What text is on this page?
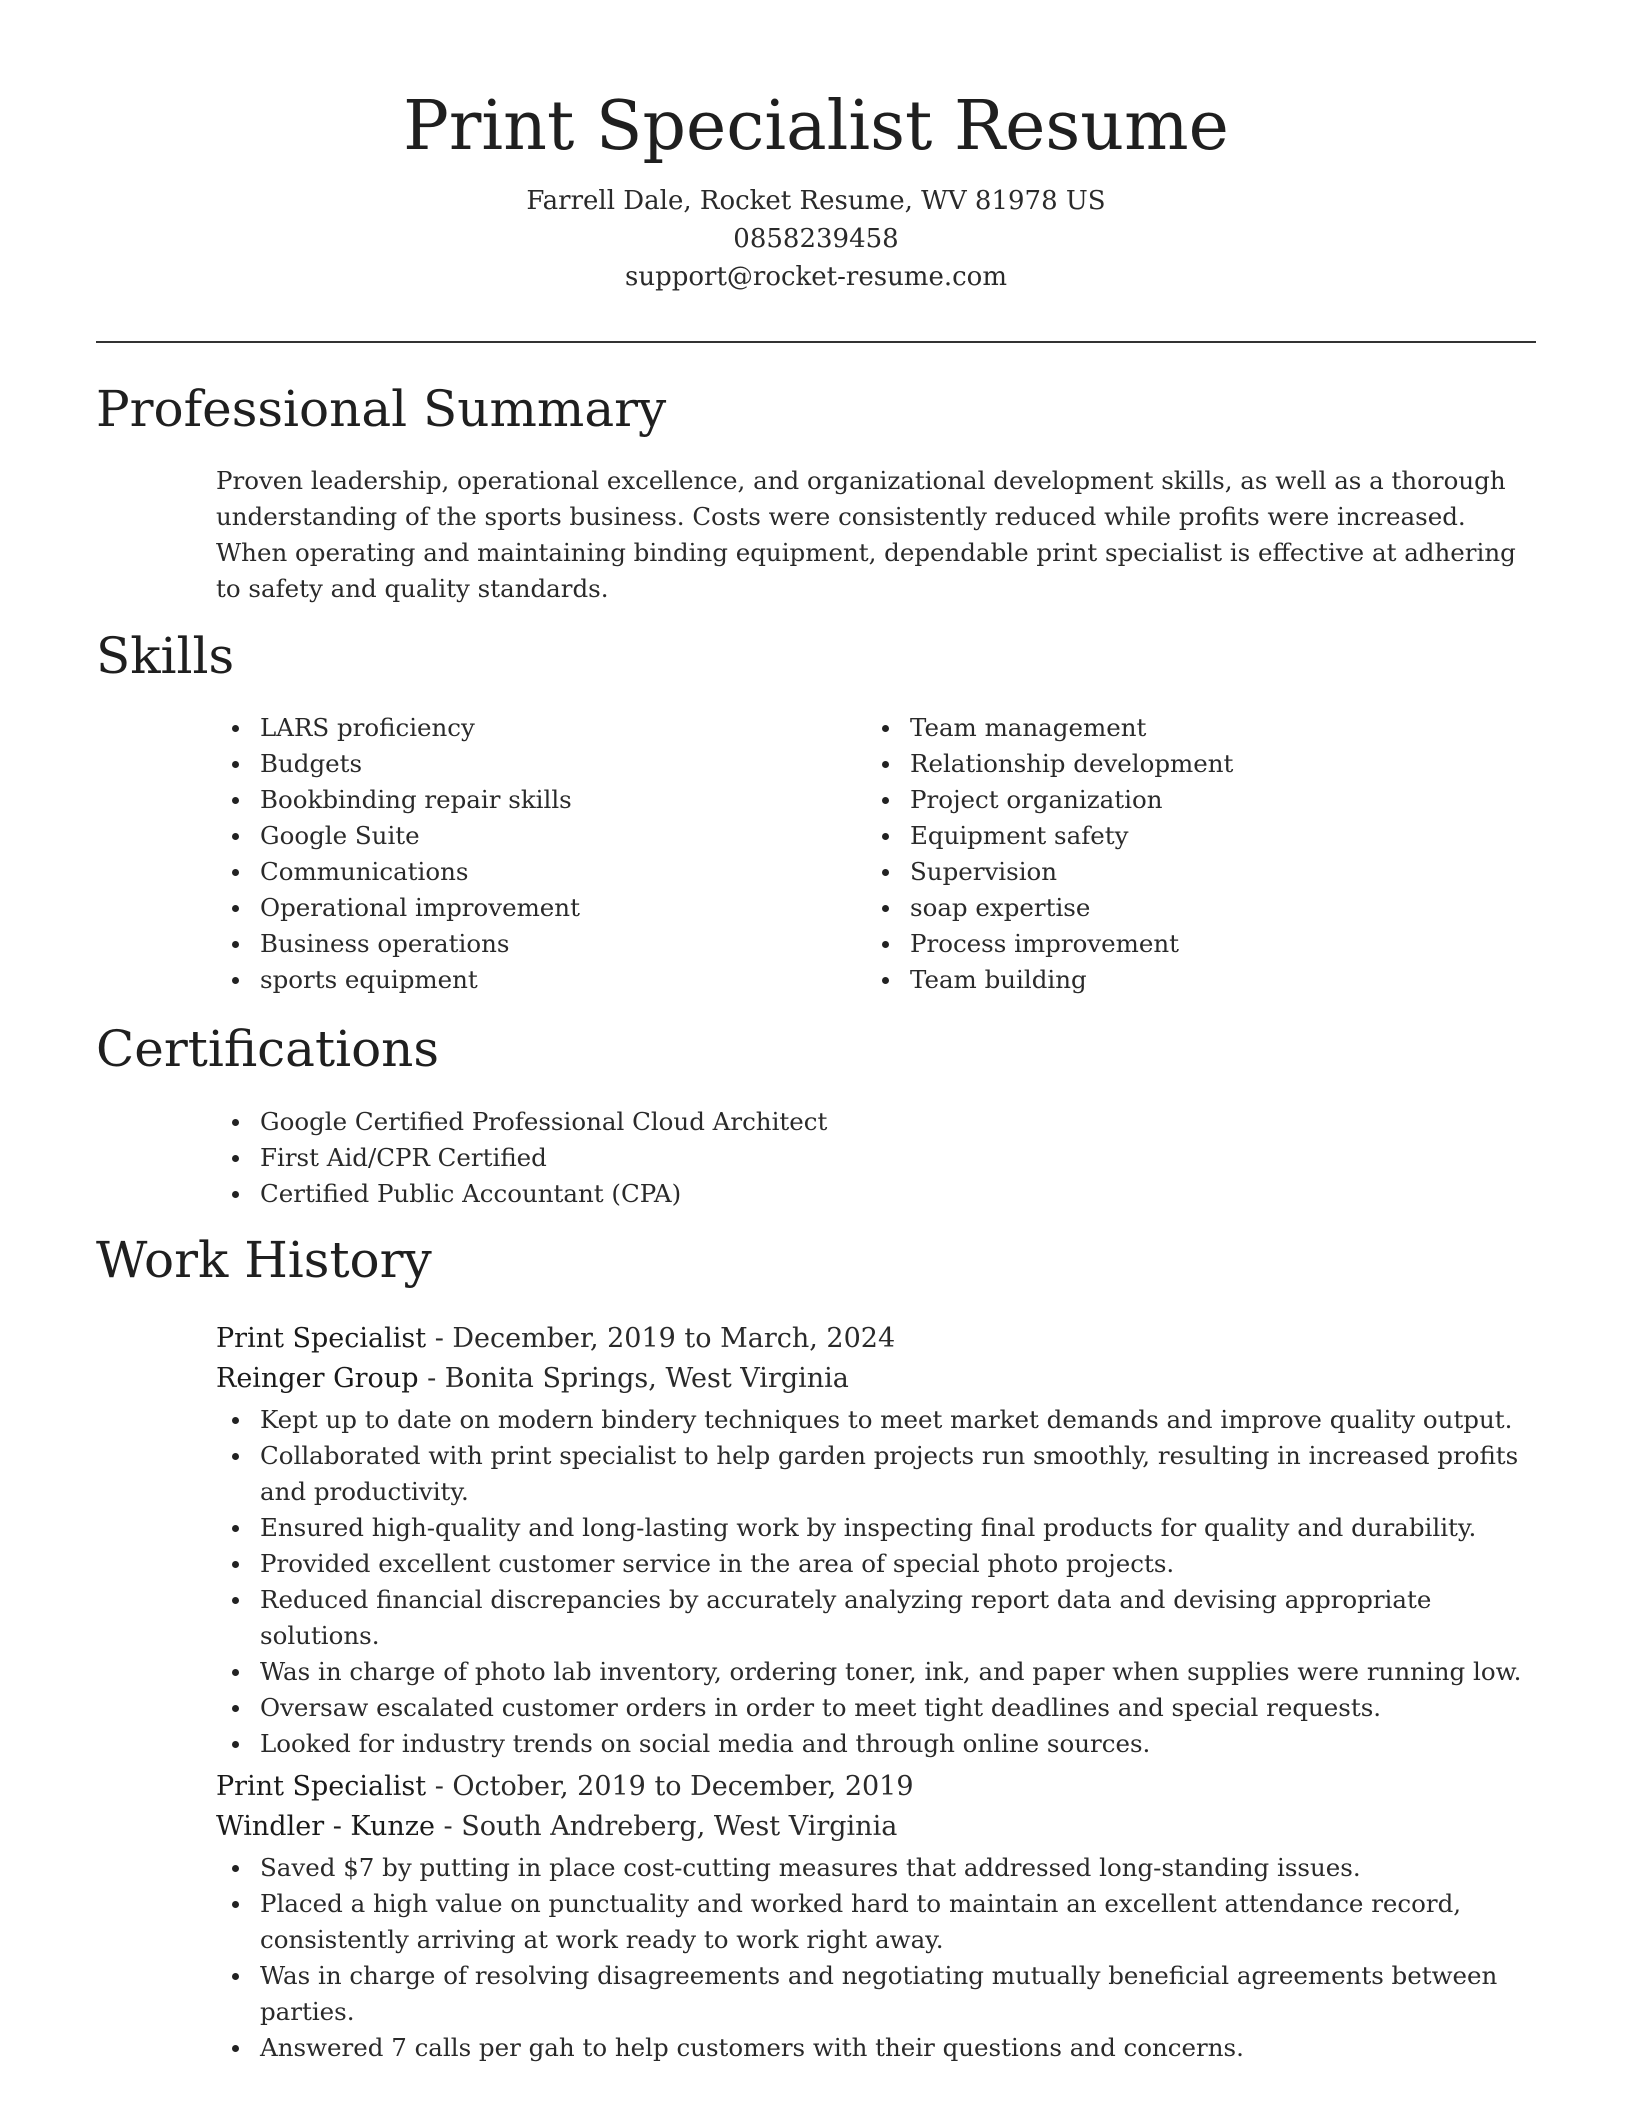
Print Specialist Resume
Farrell Dale, Rocket Resume, WV 81978 US
0858239458
support@rocket-resume.com
Professional Summary
Proven leadership, operational excellence, and organizational development skills, as well as a thorough understanding of the sports business. Costs were consistently reduced while profits were increased. When operating and maintaining binding equipment, dependable print specialist is effective at adhering to safety and quality standards.
Skills
LARS proficiency
Budgets
Bookbinding repair skills
Google Suite
Communications
Operational improvement
Business operations
sports equipment
Team management
Relationship development
Project organization
Equipment safety
Supervision
soap expertise
Process improvement
Team building
Certifications
Google Certified Professional Cloud Architect
First Aid/CPR Certified
Certified Public Accountant (CPA)
Work History
Print Specialist - December, 2019 to March, 2024
Reinger Group - Bonita Springs, West Virginia
Kept up to date on modern bindery techniques to meet market demands and improve quality output.
Collaborated with print specialist to help garden projects run smoothly, resulting in increased profits and productivity.
Ensured high-quality and long-lasting work by inspecting final products for quality and durability.
Provided excellent customer service in the area of special photo projects.
Reduced financial discrepancies by accurately analyzing report data and devising appropriate solutions.
Was in charge of photo lab inventory, ordering toner, ink, and paper when supplies were running low.
Oversaw escalated customer orders in order to meet tight deadlines and special requests.
Looked for industry trends on social media and through online sources.
Print Specialist - October, 2019 to December, 2019
Windler - Kunze - South Andreberg, West Virginia
Saved $7 by putting in place cost-cutting measures that addressed long-standing issues.
Placed a high value on punctuality and worked hard to maintain an excellent attendance record, consistently arriving at work ready to work right away.
Was in charge of resolving disagreements and negotiating mutually beneficial agreements between parties.
Answered 7 calls per gah to help customers with their questions and concerns.
